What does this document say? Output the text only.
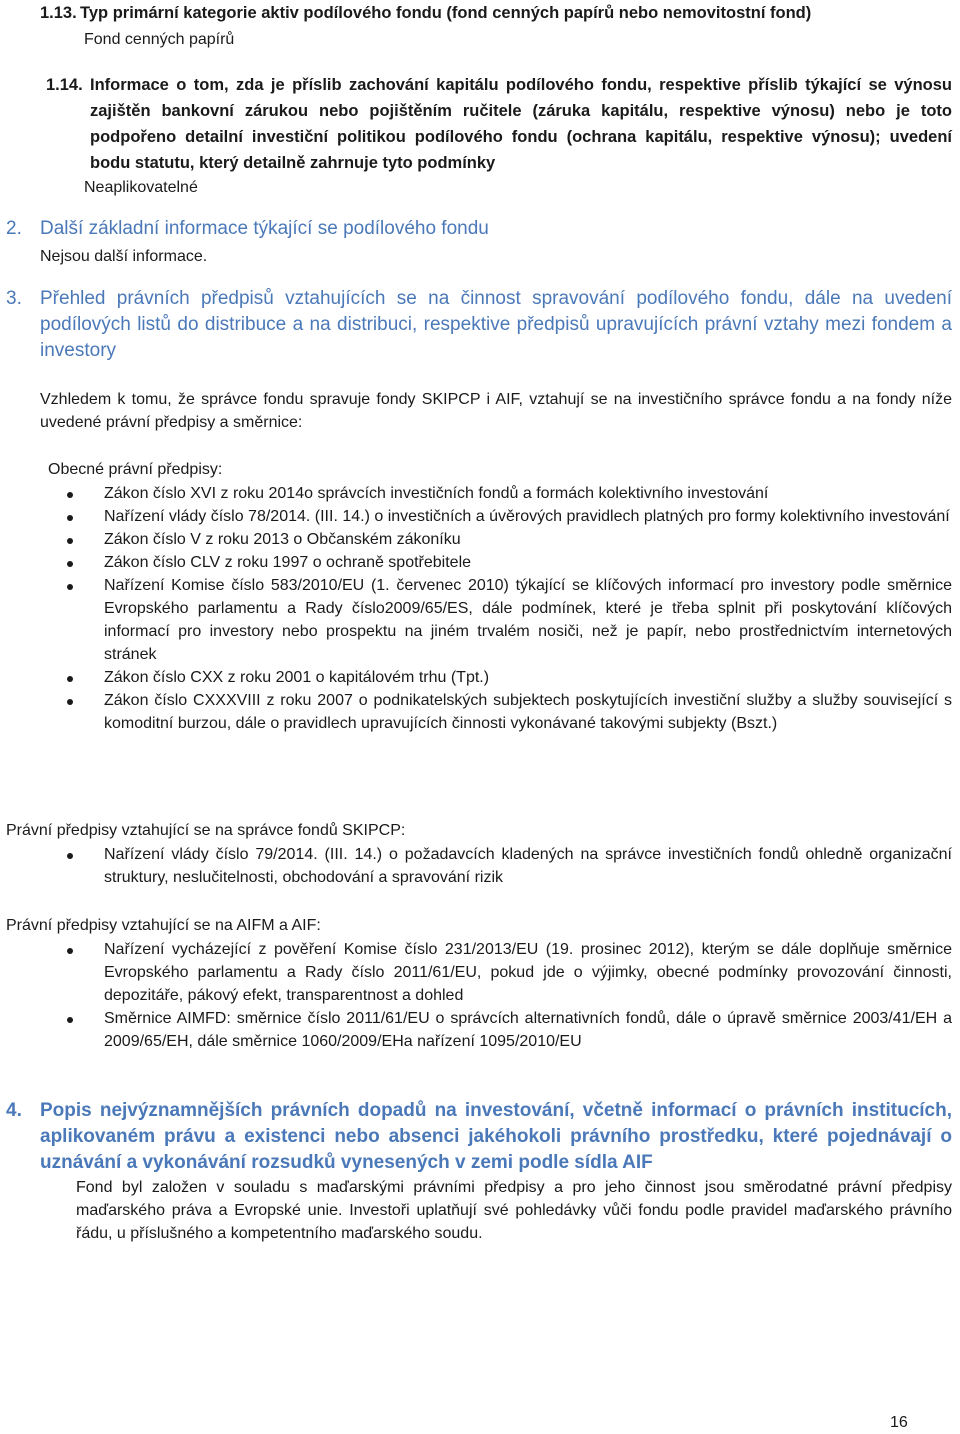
1.13. Typ primární kategorie aktiv podílového fondu (fond cenných papírů nebo nemovitostní fond)
Fond cenných papírů
1.14. Informace o tom, zda je příslib zachování kapitálu podílového fondu, respektive příslib týkající se výnosu zajištěn bankovní zárukou nebo pojištěním ručitele (záruka kapitálu, respektive výnosu) nebo je toto podpořeno detailní investiční politikou podílového fondu (ochrana kapitálu, respektive výnosu); uvedení bodu statutu, který detailně zahrnuje tyto podmínky
Neaplikovatelné
2. Další základní informace týkající se podílového fondu
Nejsou další informace.
3. Přehled právních předpisů vztahujících se na činnost spravování podílového fondu, dále na uvedení podílových listů do distribuce a na distribuci, respektive předpisů upravujících právní vztahy mezi fondem a investory
Vzhledem k tomu, že správce fondu spravuje fondy SKIPCP i AIF, vztahují se na investičního správce fondu a na fondy níže uvedené právní předpisy a směrnice:
Obecné právní předpisy:
Zákon číslo XVI z roku 2014o správcích investičních fondů a formách kolektivního investování
Nařízení vlády číslo 78/2014. (III. 14.) o investičních a úvěrových pravidlech platných pro formy kolektivního investování
Zákon číslo V z roku 2013 o Občanském zákoníku
Zákon číslo CLV z roku 1997 o ochraně spotřebitele
Nařízení Komise číslo 583/2010/EU (1. červenec 2010) týkající se klíčových informací pro investory podle směrnice Evropského parlamentu a Rady číslo2009/65/ES, dále podmínek, které je třeba splnit při poskytování klíčových informací pro investory nebo prospektu na jiném trvalém nosiči, než je papír, nebo prostřednictvím internetových stránek
Zákon číslo CXX z roku 2001 o kapitálovém trhu (Tpt.)
Zákon číslo CXXXVIII z roku 2007 o podnikatelských subjektech poskytujících investiční služby a služby související s komoditní burzou, dále o pravidlech upravujících činnosti vykonávané takovými subjekty (Bszt.)
Právní předpisy vztahující se na správce fondů SKIPCP:
Nařízení vlády číslo 79/2014. (III. 14.) o požadavcích kladených na správce investičních fondů ohledně organizační struktury, neslučitelnosti, obchodování a spravování rizik
Právní předpisy vztahující se na AIFM a AIF:
Nařízení vycházející z pověření Komise číslo 231/2013/EU (19. prosinec 2012), kterým se dále doplňuje směrnice Evropského parlamentu a Rady číslo 2011/61/EU, pokud jde o výjimky, obecné podmínky provozování činnosti, depozitáře, pákový efekt, transparentnost a dohled
Směrnice AIMFD: směrnice číslo 2011/61/EU o správcích alternativních fondů, dále o úpravě směrnice 2003/41/EH a 2009/65/EH, dále směrnice 1060/2009/EHa nařízení 1095/2010/EU
4. Popis nejvýznamnějších právních dopadů na investování, včetně informací o právních institucích, aplikovaném právu a existenci nebo absenci jakéhokoli právního prostředku, které pojednávají o uznávání a vykonávání rozsudků vynesených v zemi podle sídla AIF
Fond byl založen v souladu s maďarskými právními předpisy a pro jeho činnost jsou směrodatné právní předpisy maďarského práva a Evropské unie. Investoři uplatňují své pohledávky vůči fondu podle pravidel maďarského právního řádu, u příslušného a kompetentního maďarského soudu.
16
